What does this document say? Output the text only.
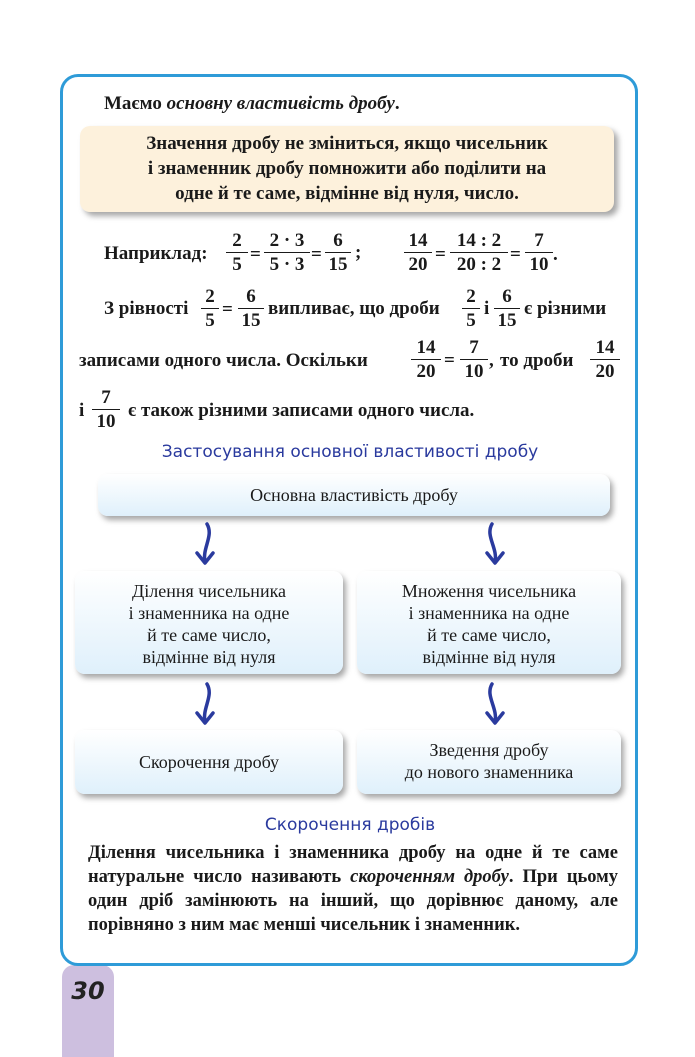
30
Маємо основну властивість дробу.
Значення дробу не зміниться, якщо чисельник
і знаменник дробу помножити або поділити на
одне й те саме, відмінне від нуля, число.
Наприклад: $\frac{2}{5} = \frac{2 \cdot 3}{5 \cdot 3} = \frac{6}{15}$ ; $\frac{14}{20} = \frac{14 : 2}{20 : 2} = \frac{7}{10}$ .
З рівності $\frac{2}{5} = \frac{6}{15}$ випливає, що дроби $\frac{2}{5}$ і $\frac{6}{15}$ є різними
записами одного числа. Оскільки $\frac{14}{20} = \frac{7}{10}$ , то дроби $\frac{14}{20}$
і $\frac{7}{10}$ є також різними записами одного числа.
Застосування основної властивості дробу
Основна властивість дробу
Ділення чисельника
і знаменника на одне
й те саме число,
відмінне від нуля
Множення чисельника
і знаменника на одне
й те саме число,
відмінне від нуля
Скорочення дробу
Зведення дробу
до нового знаменника
Скорочення дробів
Ділення чисельника і знаменника дробу на одне й те саме натуральне число називають скороченням дробу. При цьому один дріб замінюють на інший, що дорівнює даному, але порівняно з ним має менші чисельник і знаменник.
